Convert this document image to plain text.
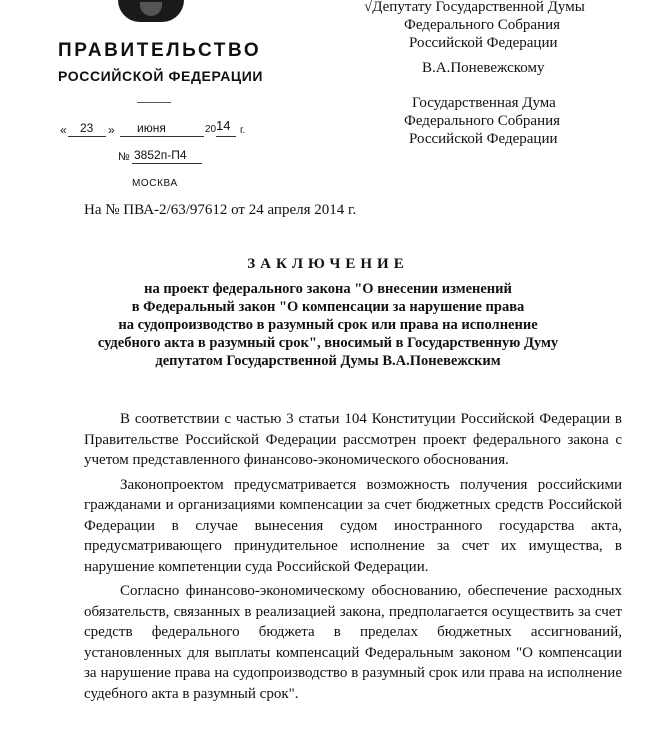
ПРАВИТЕЛЬСТВО
РОССИЙСКОЙ ФЕДЕРАЦИИ
« 23 » июня	20 14 г.
№ 3852п-П4
МОСКВА
На № ПВА-2/63/97612 от 24 апреля 2014 г.
√Депутату Государственной Думы
Федерального Собрания
Российской Федерации
В.А.Поневежскому
Государственная Дума
Федерального Собрания
Российской Федерации
ЗАКЛЮЧЕНИЕ
на проект федерального закона "О внесении изменений
в Федеральный закон "О компенсации за нарушение права
на судопроизводство в разумный срок или права на исполнение
судебного акта в разумный срок", вносимый в Государственную Думу
депутатом Государственной Думы В.А.Поневежским

В соответствии с частью 3 статьи 104 Конституции Российской Федерации в Правительстве Российской Федерации рассмотрен проект федерального закона с учетом представленного финансово-экономического обоснования.

Законопроектом предусматривается возможность получения российскими гражданами и организациями компенсации за счет бюджетных средств Российской Федерации в случае вынесения судом иностранного государства акта, предусматривающего принудительное исполнение за счет их имущества, в нарушение компетенции суда Российской Федерации.

Согласно финансово-экономическому обоснованию, обеспечение расходных обязательств, связанных в реализацией закона, предполагается осуществить за счет средств федерального бюджета в пределах бюджетных ассигнований, установленных для выплаты компенсаций Федеральным законом "О компенсации за нарушение права на судопроизводство в разумный срок или права на исполнение судебного акта в разумный срок".
